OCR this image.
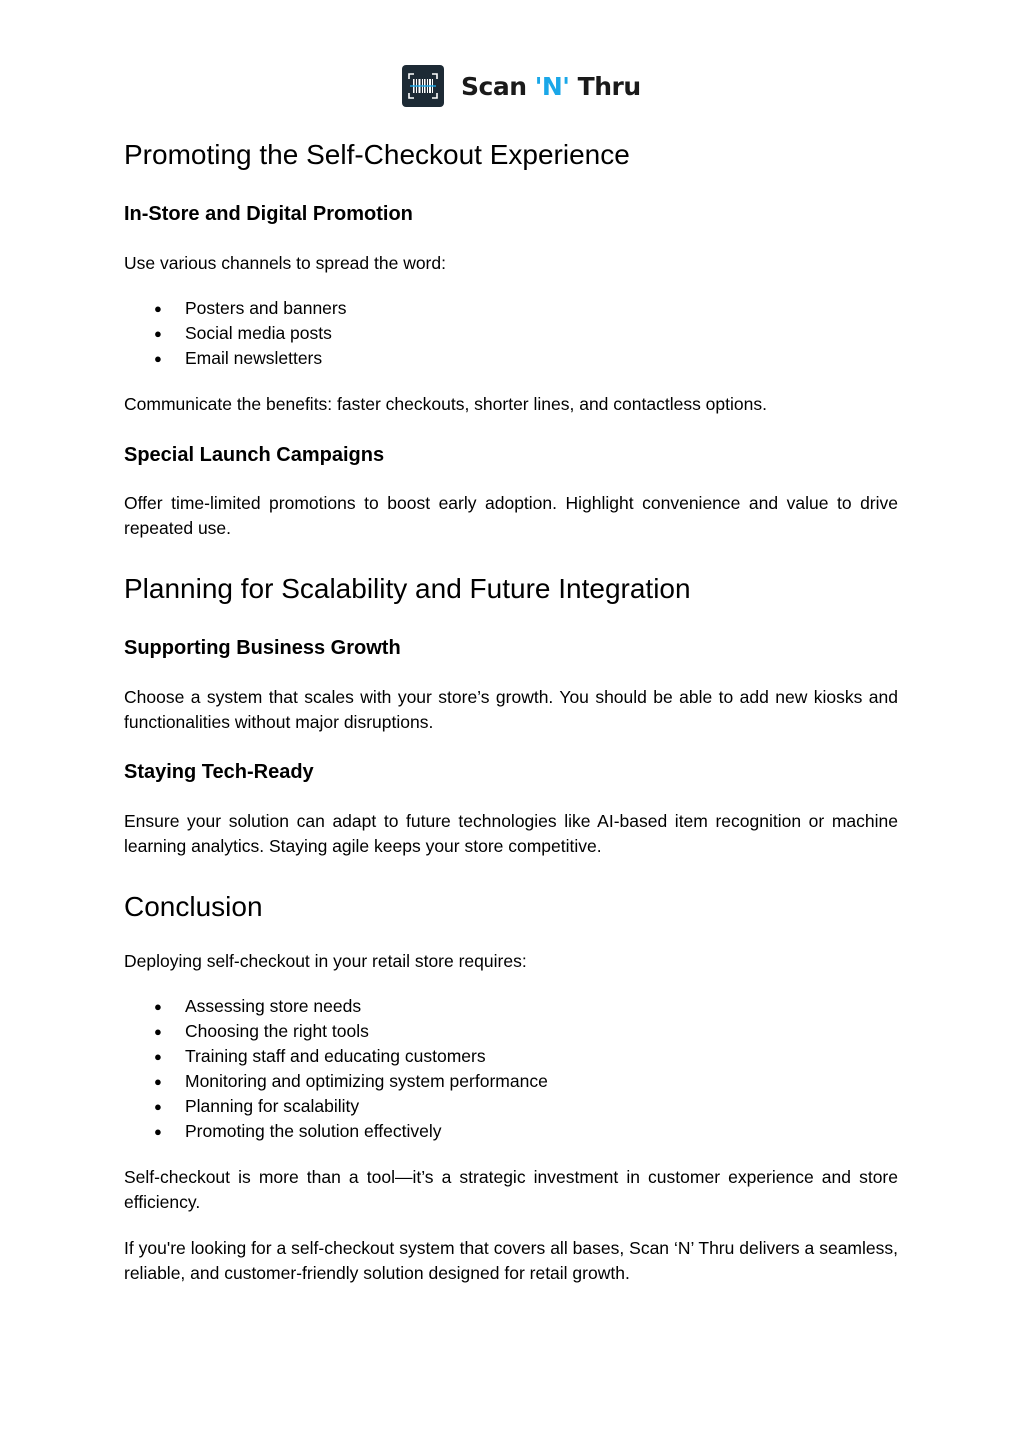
Scan 'N' Thru
Promoting the Self-Checkout Experience
In-Store and Digital Promotion

Use various channels to spread the word:

● Posters and banners
● Social media posts
● Email newsletters

Communicate the benefits: faster checkouts, shorter lines, and contactless options.

Special Launch Campaigns

Offer time-limited promotions to boost early adoption. Highlight convenience and value to drive repeated use.

Planning for Scalability and Future Integration
Supporting Business Growth

Choose a system that scales with your store’s growth. You should be able to add new kiosks and functionalities without major disruptions.

Staying Tech-Ready

Ensure your solution can adapt to future technologies like AI-based item recognition or machine learning analytics. Staying agile keeps your store competitive.

Conclusion

Deploying self-checkout in your retail store requires:

● Assessing store needs
● Choosing the right tools
● Training staff and educating customers
● Monitoring and optimizing system performance
● Planning for scalability
● Promoting the solution effectively

Self-checkout is more than a tool—it’s a strategic investment in customer experience and store efficiency.

If you're looking for a self-checkout system that covers all bases, Scan ‘N’ Thru delivers a seamless, reliable, and customer-friendly solution designed for retail growth.
